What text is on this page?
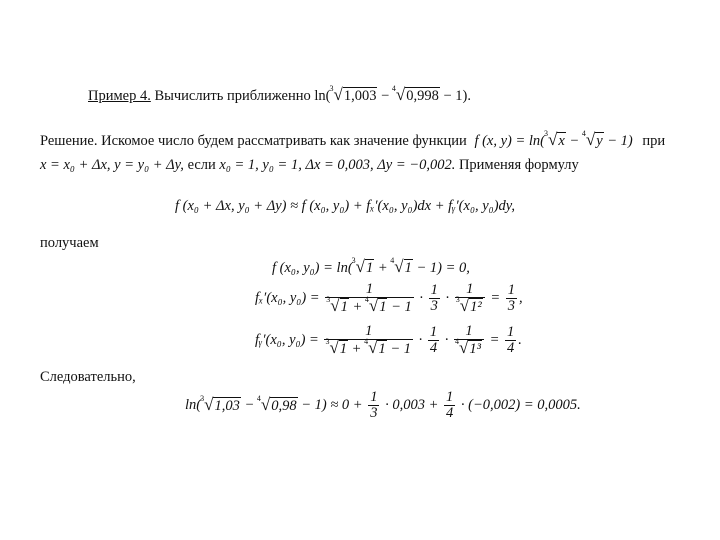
Пример 4. Вычислить приближенно ln( 3 √1,003 − 4 √0,998 − 1).
Решение. Искомое число будем рассматривать как значение функции f (x, y) = ln( 3 √x − 4 √y − 1) при
x = x₀ + Δx, y = y₀ + Δy, если x₀ = 1, y₀ = 1, Δx = 0,003, Δy = −0,002. Применяя формулу
f (x₀ + Δx, y₀ + Δy) ≈ f (x₀, y₀) + fₓ′(x₀, y₀)dx + fᵧ′(x₀, y₀)dy,
получаем
f (x₀, y₀) = ln( 3 √1 + 4 √1 − 1) = 0,
fₓ′(x₀, $y_0) = \frac{1}{3 √1 + 4 √1 - 1} \cdot \frac{1}{3} \cdot \frac{1}{\text{3 √1²}} = \frac{1}{3}$ ,
fᵧ′(x₀, $y_0) = \frac{1}{3 √1 + 4 √1 - 1} \cdot \frac{1}{4} \cdot \frac{1}{\text{4 √1³}} = \frac{1}{4}$ .
Следовательно,
ln( 3 √1,03 − 4 $√0,98 - 1) \approx 0 + \frac{1}{3} \cdot 0,003 + \frac{1}{4} \cdot (-0,002) = 0,0005$.
